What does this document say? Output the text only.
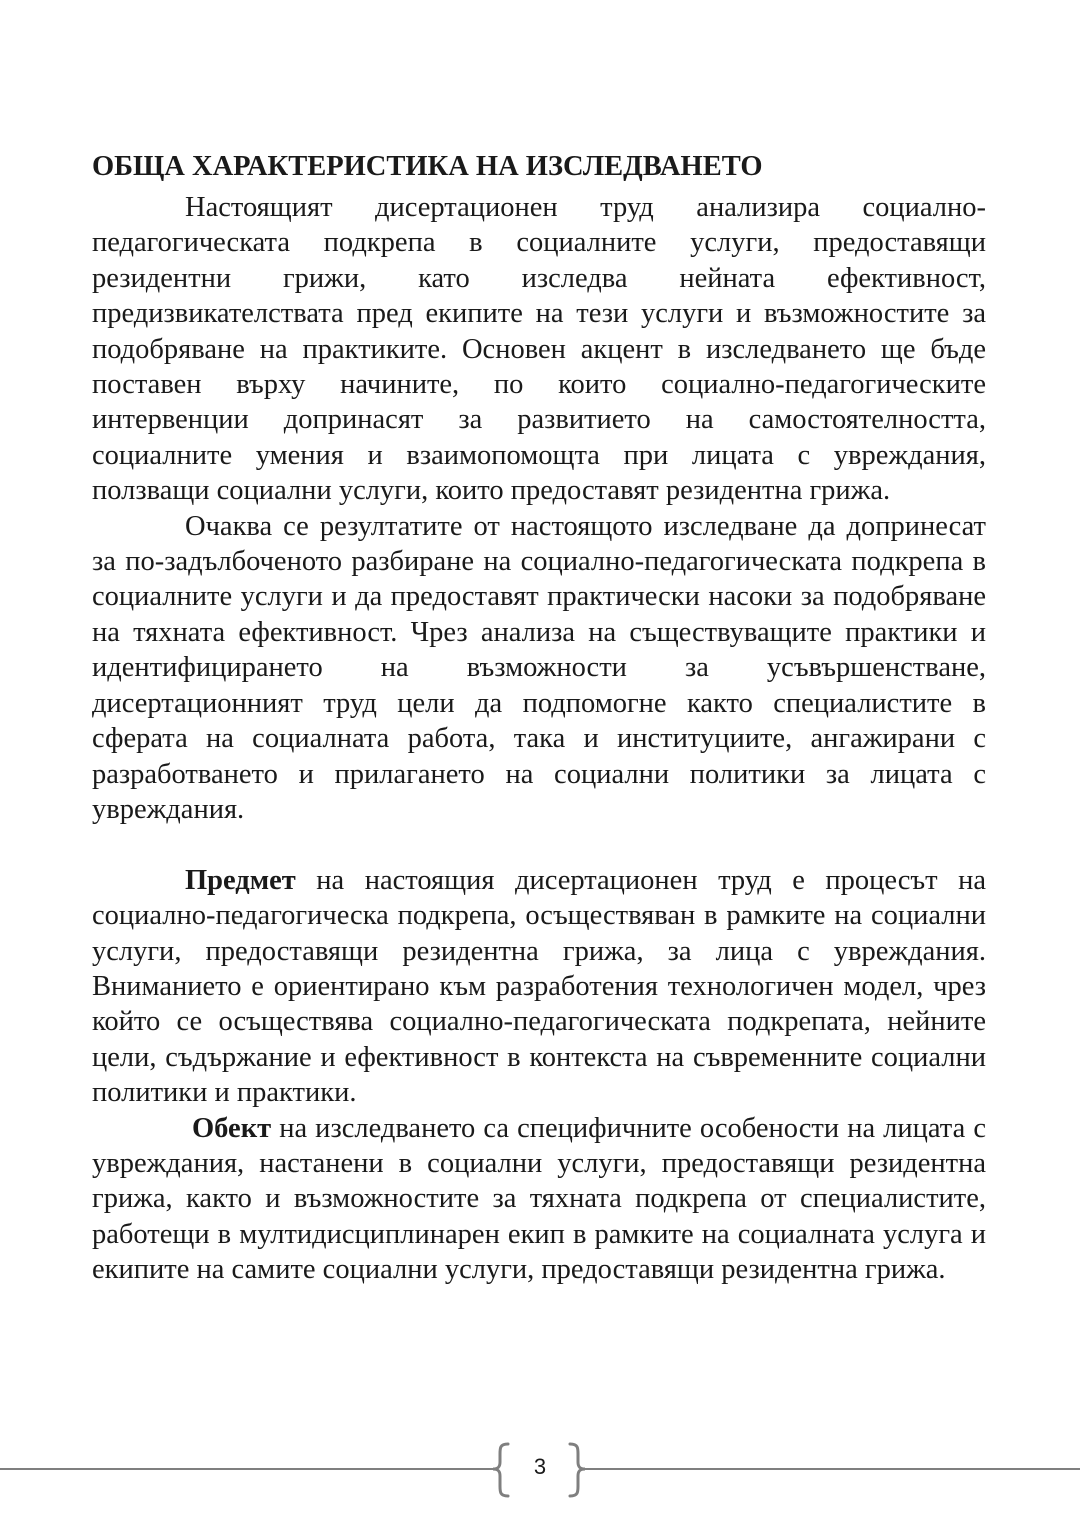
ОБЩА ХАРАКТЕРИСТИКА НА ИЗСЛЕДВАНЕТО

Настоящият дисертационен труд анализира социално-педагогическата подкрепа в социалните услуги, предоставящи резидентни грижи, като изследва нейната ефективност, предизвикателствата пред екипите на тези услуги и възможностите за подобряване на практиките. Основен акцент в изследването ще бъде поставен върху начините, по които социално-педагогическите интервенции допринасят за развитието на самостоятелността, социалните умения и взаимопомощта при лицата с увреждания, ползващи социални услуги, които предоставят резидентна грижа.

Очаква се резултатите от настоящото изследване да допринесат за по-задълбоченото разбиране на социално-педагогическата подкрепа в социалните услуги и да предоставят практически насоки за подобряване на тяхната ефективност. Чрез анализа на съществуващите практики и идентифицирането на възможности за усъвършенстване, дисертационният труд цели да подпомогне както специалистите в сферата на социалната работа, така и институциите, ангажирани с разработването и прилагането на социални политики за лицата с увреждания.

Предмет на настоящия дисертационен труд е процесът на социално-педагогическа подкрепа, осъществяван в рамките на социални услуги, предоставящи резидентна грижа, за лица с увреждания. Вниманието е ориентирано към разработения технологичен модел, чрез който се осъществява социално-педагогическата подкрепата, нейните цели, съдържание и ефективност в контекста на съвременните социални политики и практики.

Обект на изследването са специфичните особености на лицата с увреждания, настанени в социални услуги, предоставящи резидентна грижа, както и възможностите за тяхната подкрепа от специалистите, работещи в мултидисциплинарен екип в рамките на социалната услуга и екипите на самите социални услуги, предоставящи резидентна грижа.

3
